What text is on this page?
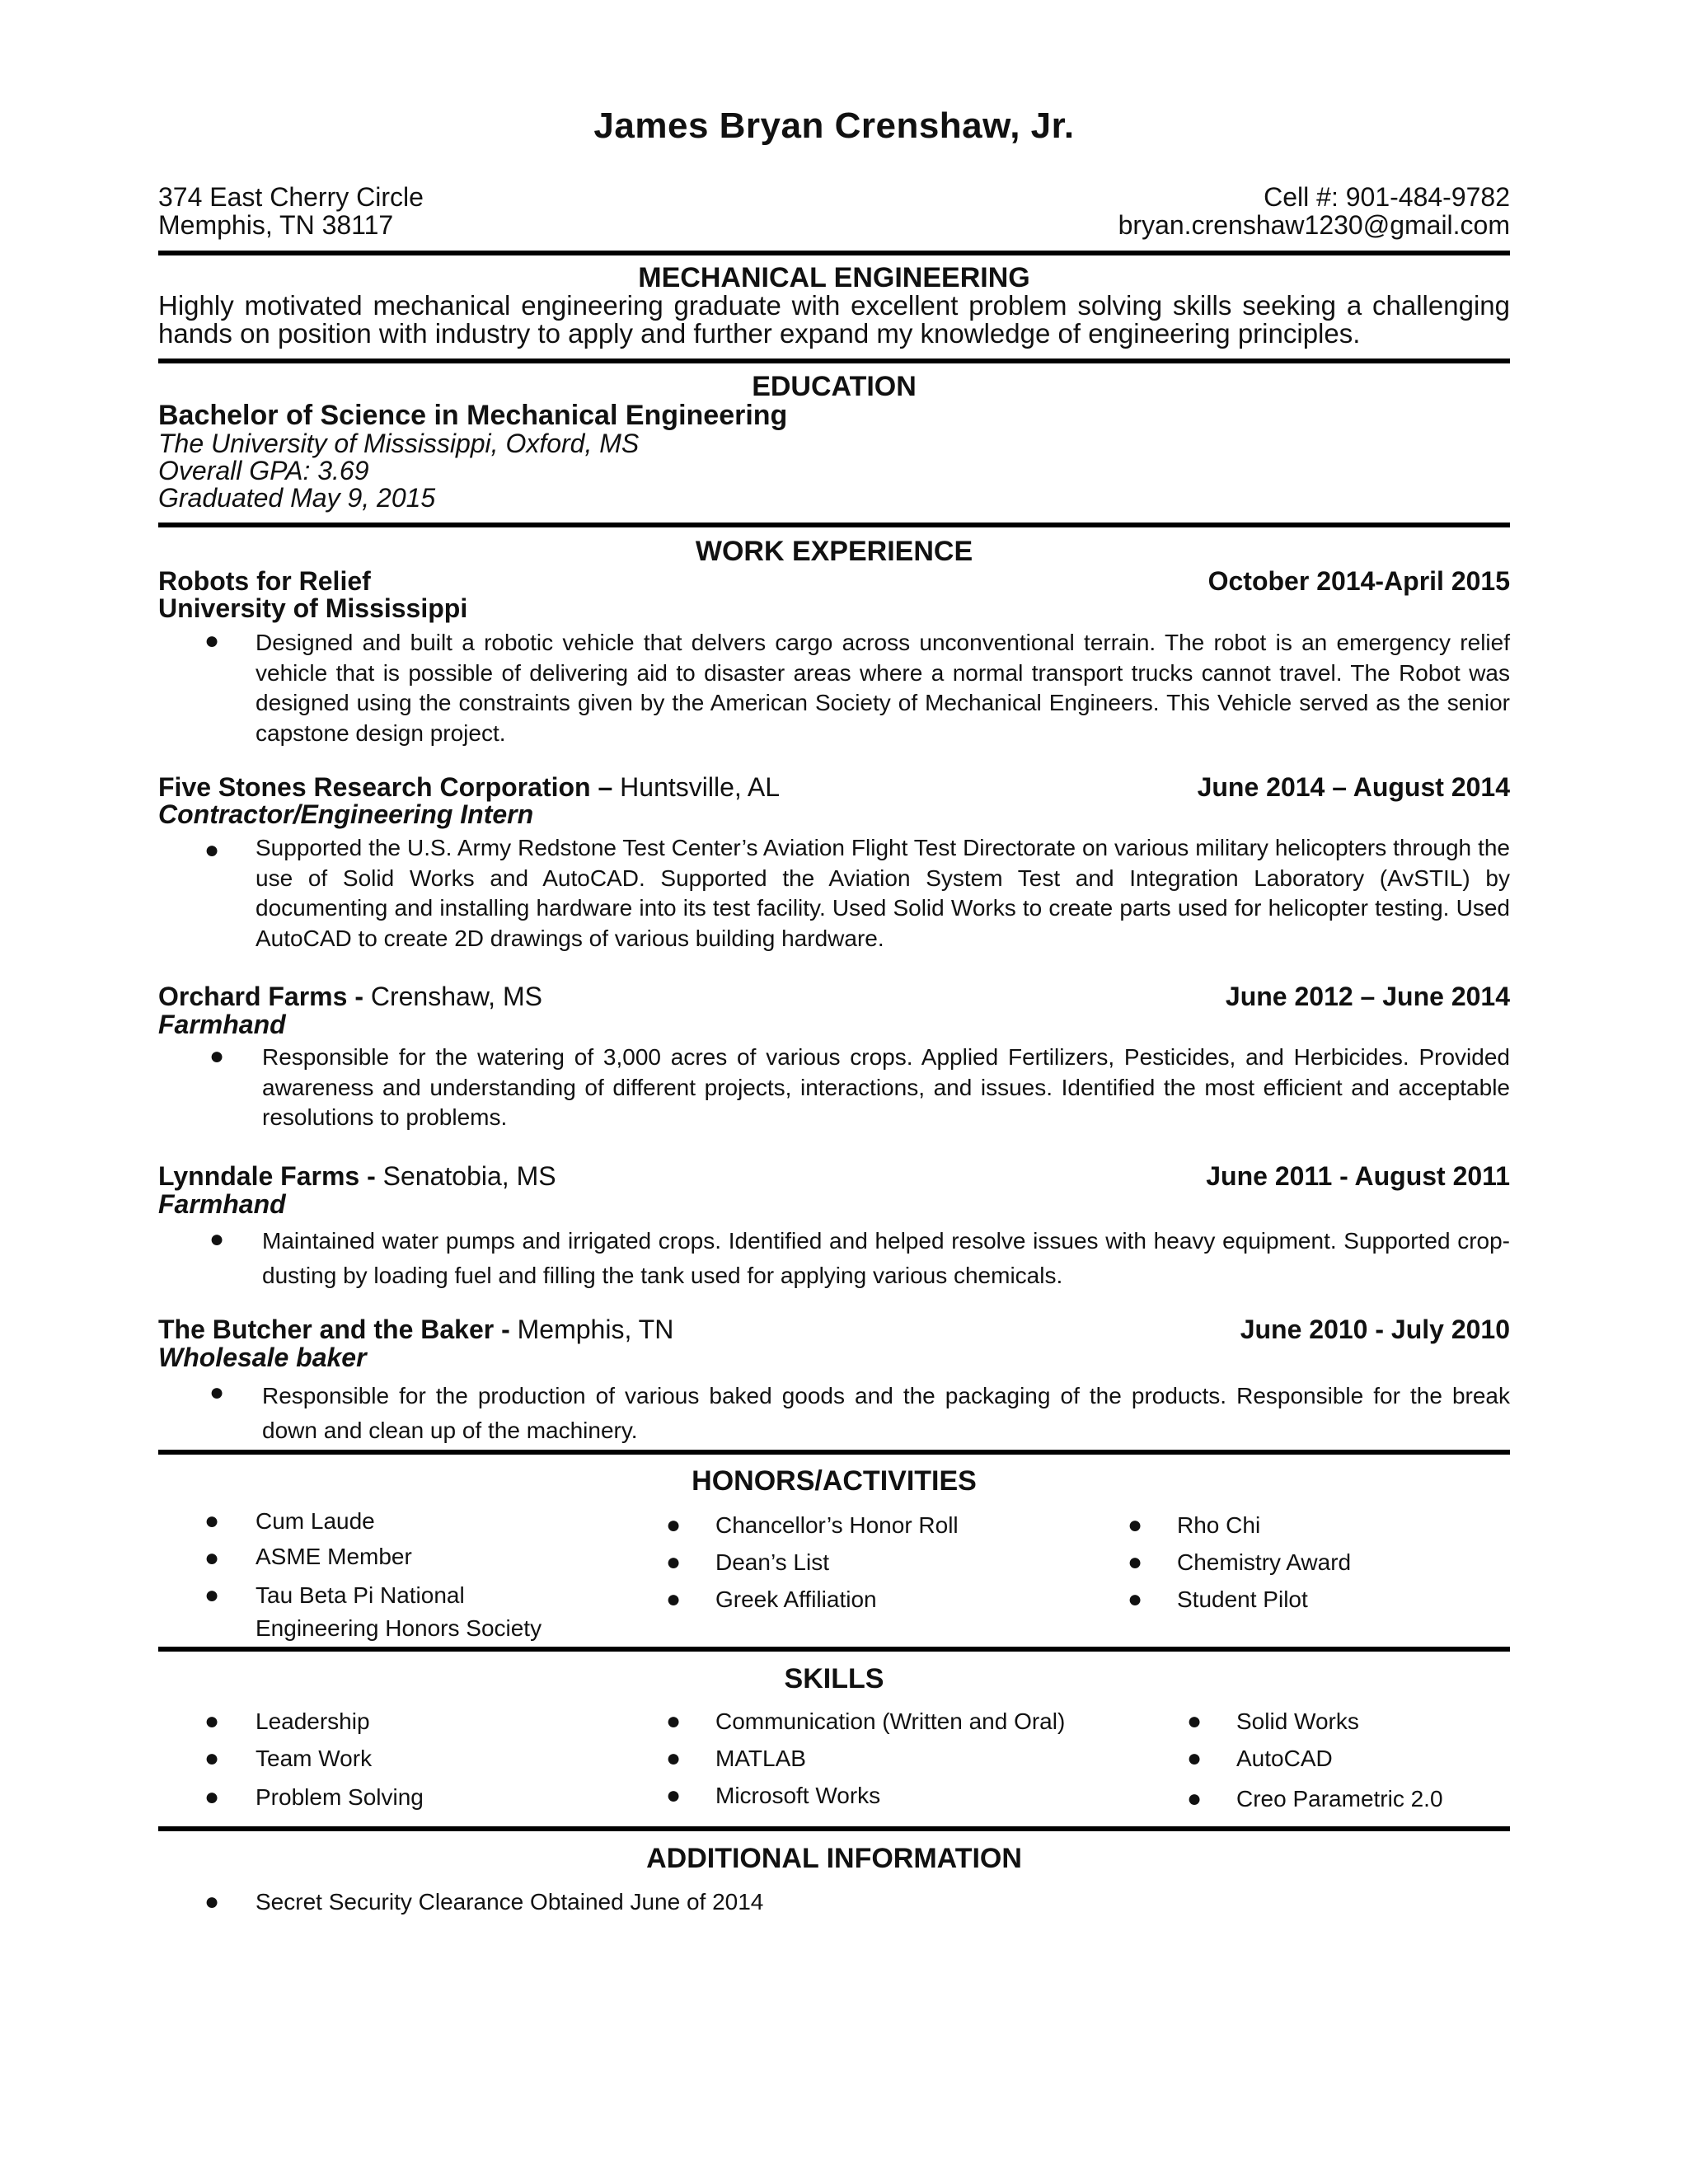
James Bryan Crenshaw, Jr.
374 East Cherry Circle
Memphis, TN 38117
Cell #: 901-484-9782
bryan.crenshaw1230@gmail.com
MECHANICAL ENGINEERING
Highly motivated mechanical engineering graduate with excellent problem solving skills seeking a challenging hands on position with industry to apply and further expand my knowledge of engineering principles.
EDUCATION
Bachelor of Science in Mechanical Engineering
The University of Mississippi, Oxford, MS
Overall GPA: 3.69
Graduated May 9, 2015
WORK EXPERIENCE
Robots for Relief	October 2014-April 2015
University of Mississippi
● Designed and built a robotic vehicle that delvers cargo across unconventional terrain. The robot is an emergency relief vehicle that is possible of delivering aid to disaster areas where a normal transport trucks cannot travel. The Robot was designed using the constraints given by the American Society of Mechanical Engineers. This Vehicle served as the senior capstone design project.
Five Stones Research Corporation – Huntsville, AL	June 2014 – August 2014
Contractor/Engineering Intern
● Supported the U.S. Army Redstone Test Center’s Aviation Flight Test Directorate on various military helicopters through the use of Solid Works and AutoCAD. Supported the Aviation System Test and Integration Laboratory (AvSTIL) by documenting and installing hardware into its test facility. Used Solid Works to create parts used for helicopter testing. Used AutoCAD to create 2D drawings of various building hardware.
Orchard Farms - Crenshaw, MS	June 2012 – June 2014
Farmhand
● Responsible for the watering of 3,000 acres of various crops. Applied Fertilizers, Pesticides, and Herbicides. Provided awareness and understanding of different projects, interactions, and issues. Identified the most efficient and acceptable resolutions to problems.
Lynndale Farms - Senatobia, MS	June 2011 - August 2011
Farmhand
● Maintained water pumps and irrigated crops. Identified and helped resolve issues with heavy equipment. Supported crop-dusting by loading fuel and filling the tank used for applying various chemicals.
The Butcher and the Baker - Memphis, TN	June 2010 - July 2010
Wholesale baker
● Responsible for the production of various baked goods and the packaging of the products. Responsible for the break down and clean up of the machinery.
HONORS/ACTIVITIES
● Cum Laude
● ASME Member
● Tau Beta Pi National
Engineering Honors Society
● Chancellor’s Honor Roll
● Dean’s List
● Greek Affiliation
● Rho Chi
● Chemistry Award
● Student Pilot
SKILLS
● Leadership
● Team Work
● Problem Solving
● Communication (Written and Oral)
● MATLAB
● Microsoft Works
● Solid Works
● AutoCAD
● Creo Parametric 2.0
ADDITIONAL INFORMATION
● Secret Security Clearance Obtained June of 2014
